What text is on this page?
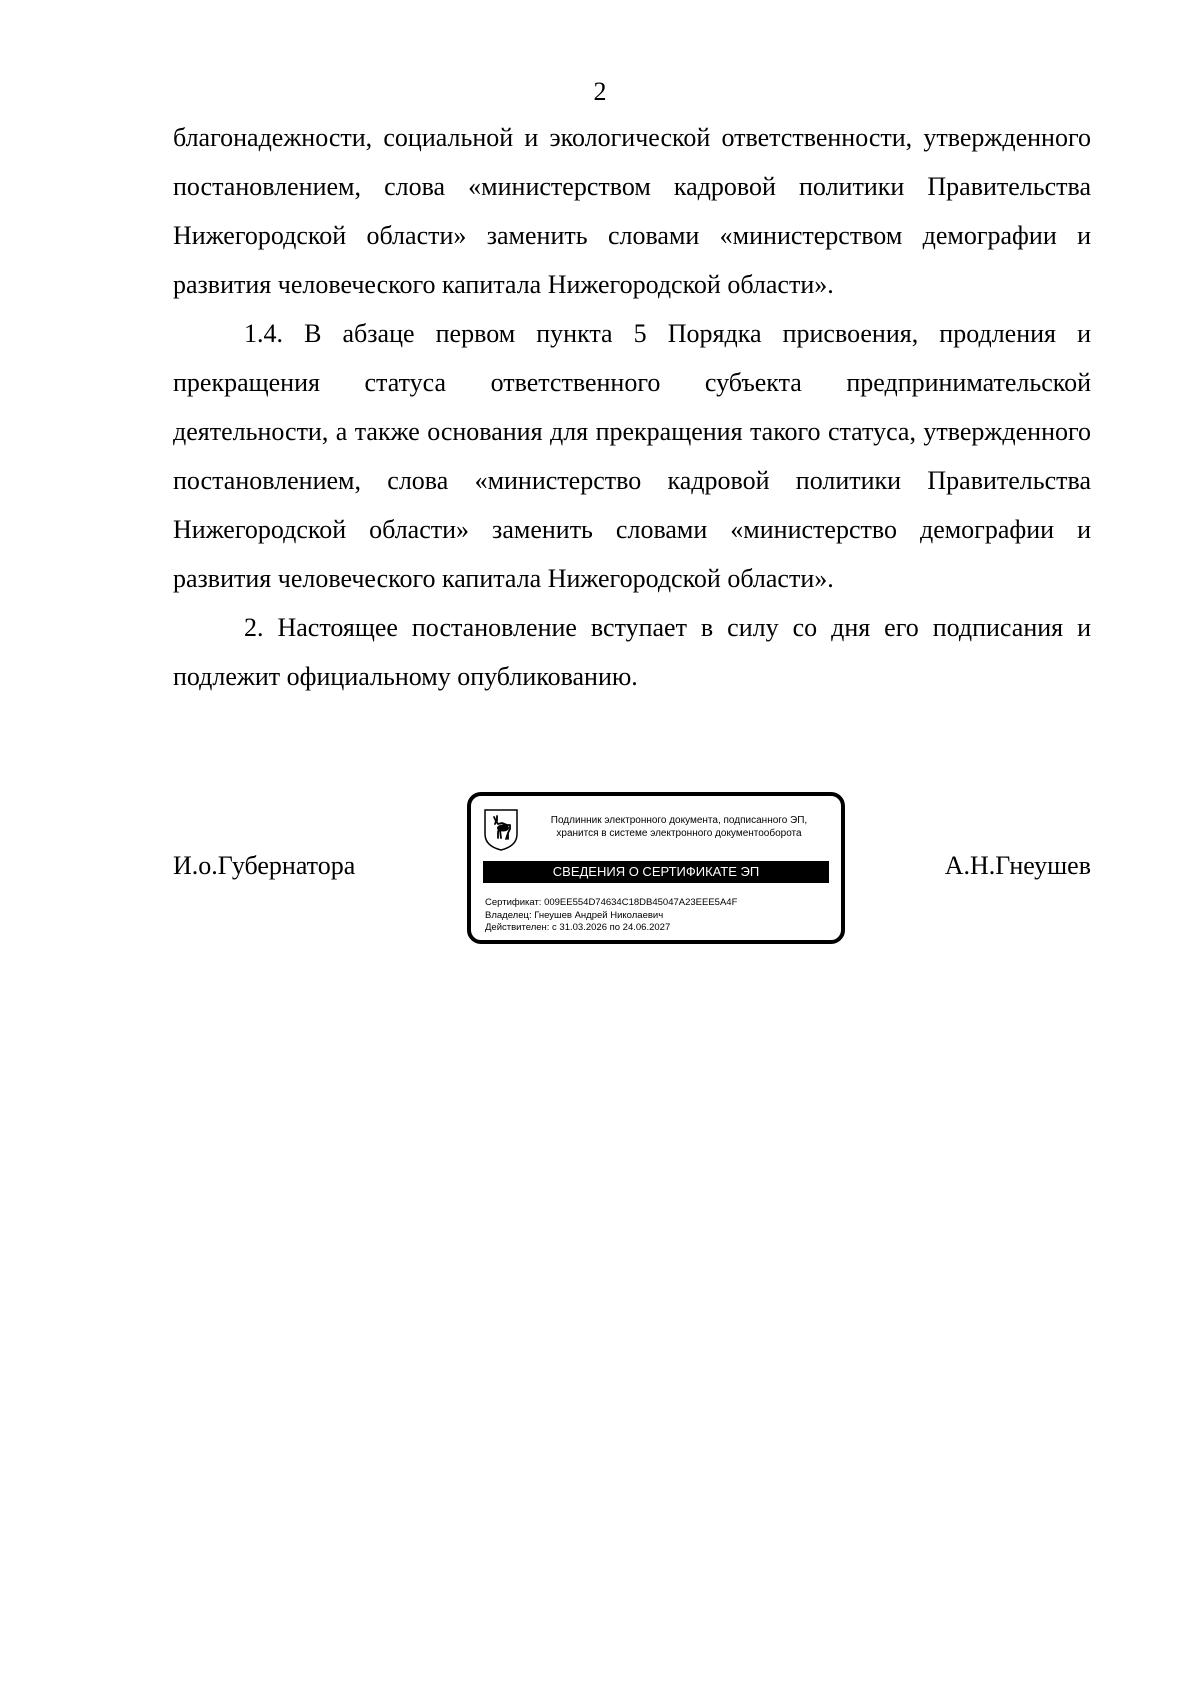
2

благонадежности, социальной и экологической ответственности, утвержденного постановлением, слова «министерством кадровой политики Правительства Нижегородской области» заменить словами «министерством демографии и развития человеческого капитала Нижегородской области».

1.4. В абзаце первом пункта 5 Порядка присвоения, продления и прекращения статуса ответственного субъекта предпринимательской деятельности, а также основания для прекращения такого статуса, утвержденного постановлением, слова «министерство кадровой политики Правительства Нижегородской области» заменить словами «министерство демографии и развития человеческого капитала Нижегородской области».

2. Настоящее постановление вступает в силу со дня его подписания и подлежит официальному опубликованию.

И.о.Губернатора
Подлинник электронного документа, подписанного ЭП,
хранится в системе электронного документооборота
СВЕДЕНИЯ О СЕРТИФИКАТЕ ЭП
Сертификат: 009EE554D74634C18DB45047A23EEE5A4F
Владелец: Гнеушев Андрей Николаевич
Действителен: с 31.03.2026 по 24.06.2027
А.Н.Гнеушев
